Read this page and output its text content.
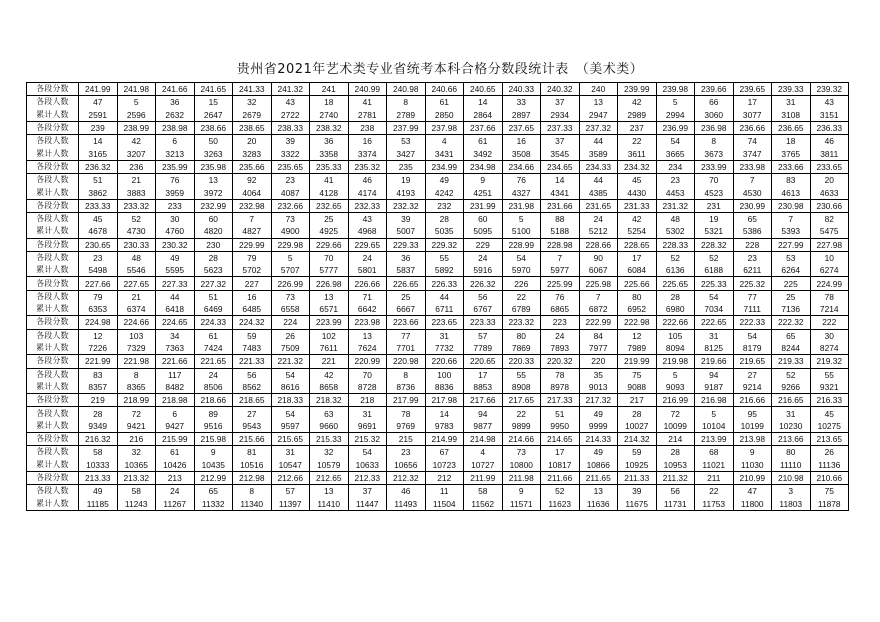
贵州省2021年艺术类专业省统考本科合格分数段统计表　（美术类）
各段分数	241.99	241.98	241.66	241.65	241.33	241.32	241	240.99	240.98	240.66	240.65	240.33	240.32	240	239.99	239.98	239.66	239.65	239.33	239.32
各段人数	47	5	36	15	32	43	18	41	8	61	14	33	37	13	42	5	66	17	31	43
累计人数	2591	2596	2632	2647	2679	2722	2740	2781	2789	2850	2864	2897	2934	2947	2989	2994	3060	3077	3108	3151
各段分数	239	238.99	238.98	238.66	238.65	238.33	238.32	238	237.99	237.98	237.66	237.65	237.33	237.32	237	236.99	236.98	236.66	236.65	236.33
各段人数	14	42	6	50	20	39	36	16	53	4	61	16	37	44	22	54	8	74	18	46
累计人数	3165	3207	3213	3263	3283	3322	3358	3374	3427	3431	3492	3508	3545	3589	3611	3665	3673	3747	3765	3811
各段分数	236.32	236	235.99	235.98	235.66	235.65	235.33	235.32	235	234.99	234.98	234.66	234.65	234.33	234.32	234	233.99	233.98	233.66	233.65
各段人数	51	21	76	13	92	23	41	46	19	49	9	76	14	44	45	23	70	7	83	20
累计人数	3862	3883	3959	3972	4064	4087	4128	4174	4193	4242	4251	4327	4341	4385	4430	4453	4523	4530	4613	4633
各段分数	233.33	233.32	233	232.99	232.98	232.66	232.65	232.33	232.32	232	231.99	231.98	231.66	231.65	231.33	231.32	231	230.99	230.98	230.66
各段人数	45	52	30	60	7	73	25	43	39	28	60	5	88	24	42	48	19	65	7	82
累计人数	4678	4730	4760	4820	4827	4900	4925	4968	5007	5035	5095	5100	5188	5212	5254	5302	5321	5386	5393	5475
各段分数	230.65	230.33	230.32	230	229.99	229.98	229.66	229.65	229.33	229.32	229	228.99	228.98	228.66	228.65	228.33	228.32	228	227.99	227.98
各段人数	23	48	49	28	79	5	70	24	36	55	24	54	7	90	17	52	52	23	53	10
累计人数	5498	5546	5595	5623	5702	5707	5777	5801	5837	5892	5916	5970	5977	6067	6084	6136	6188	6211	6264	6274
各段分数	227.66	227.65	227.33	227.32	227	226.99	226.98	226.66	226.65	226.33	226.32	226	225.99	225.98	225.66	225.65	225.33	225.32	225	224.99
各段人数	79	21	44	51	16	73	13	71	25	44	56	22	76	7	80	28	54	77	25	78
累计人数	6353	6374	6418	6469	6485	6558	6571	6642	6667	6711	6767	6789	6865	6872	6952	6980	7034	7111	7136	7214
各段分数	224.98	224.66	224.65	224.33	224.32	224	223.99	223.98	223.66	223.65	223.33	223.32	223	222.99	222.98	222.66	222.65	222.33	222.32	222
各段人数	12	103	34	61	59	26	102	13	77	31	57	80	24	84	12	105	31	54	65	30
累计人数	7226	7329	7363	7424	7483	7509	7611	7624	7701	7732	7789	7869	7893	7977	7989	8094	8125	8179	8244	8274
各段分数	221.99	221.98	221.66	221.65	221.33	221.32	221	220.99	220.98	220.66	220.65	220.33	220.32	220	219.99	219.98	219.66	219.65	219.33	219.32
各段人数	83	8	117	24	56	54	42	70	8	100	17	55	78	35	75	5	94	27	52	55
累计人数	8357	8365	8482	8506	8562	8616	8658	8728	8736	8836	8853	8908	8978	9013	9088	9093	9187	9214	9266	9321
各段分数	219	218.99	218.98	218.66	218.65	218.33	218.32	218	217.99	217.98	217.66	217.65	217.33	217.32	217	216.99	216.98	216.66	216.65	216.33
各段人数	28	72	6	89	27	54	63	31	78	14	94	22	51	49	28	72	5	95	31	45
累计人数	9349	9421	9427	9516	9543	9597	9660	9691	9769	9783	9877	9899	9950	9999	10027	10099	10104	10199	10230	10275
各段分数	216.32	216	215.99	215.98	215.66	215.65	215.33	215.32	215	214.99	214.98	214.66	214.65	214.33	214.32	214	213.99	213.98	213.66	213.65
各段人数	58	32	61	9	81	31	32	54	23	67	4	73	17	49	59	28	68	9	80	26
累计人数	10333	10365	10426	10435	10516	10547	10579	10633	10656	10723	10727	10800	10817	10866	10925	10953	11021	11030	11110	11136
各段分数	213.33	213.32	213	212.99	212.98	212.66	212.65	212.33	212.32	212	211.99	211.98	211.66	211.65	211.33	211.32	211	210.99	210.98	210.66
各段人数	49	58	24	65	8	57	13	37	46	11	58	9	52	13	39	56	22	47	3	75
累计人数	11185	11243	11267	11332	11340	11397	11410	11447	11493	11504	11562	11571	11623	11636	11675	11731	11753	11800	11803	11878
